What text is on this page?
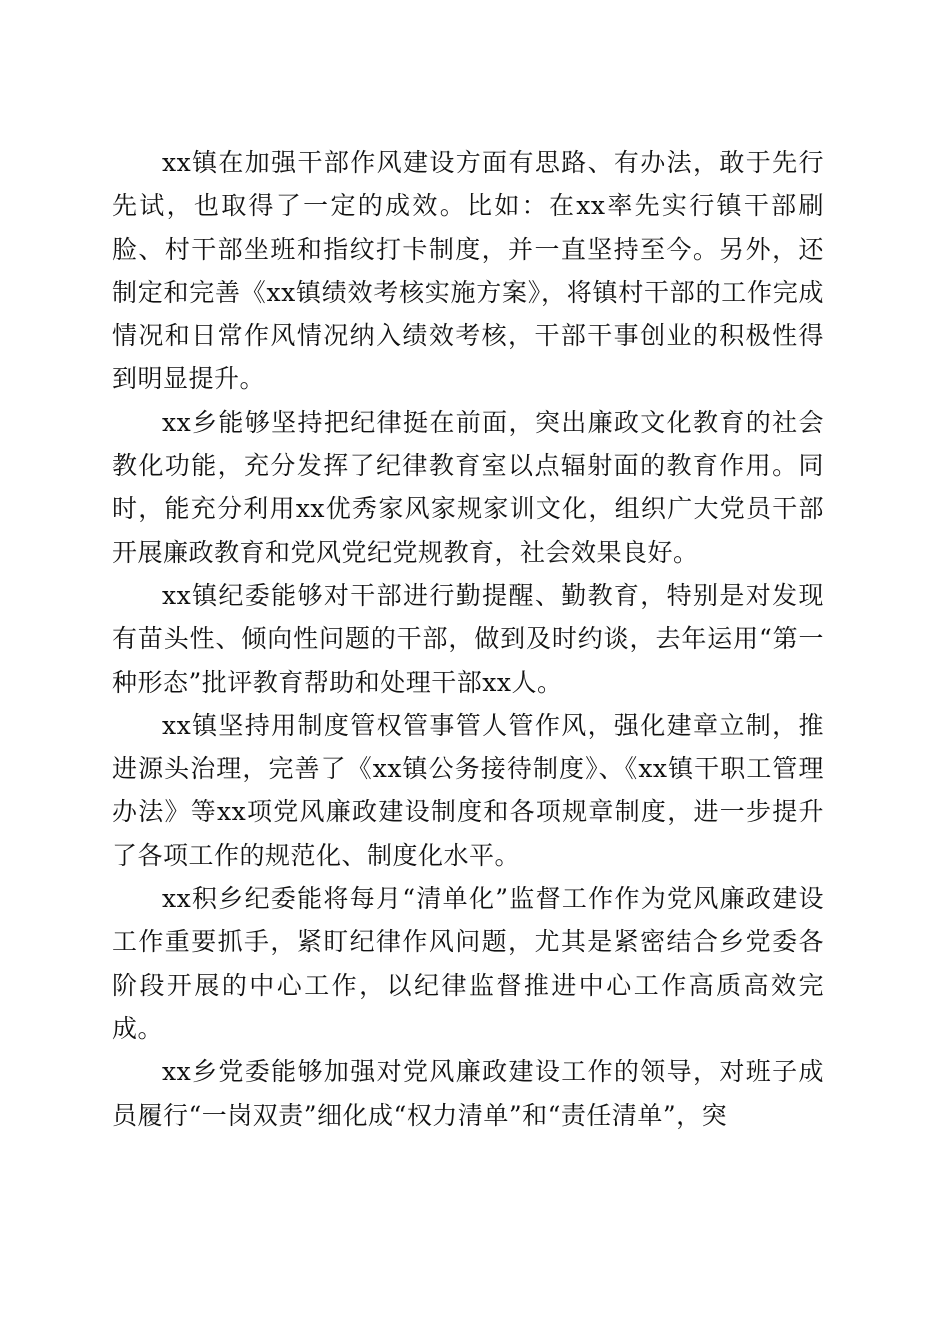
xx镇在加强干部作风建设方面有思路、有办法，敢于先行先试，也取得了一定的成效。比如：在xx率先实行镇干部刷脸、村干部坐班和指纹打卡制度，并一直坚持至今。另外，还制定和完善《xx镇绩效考核实施方案》，将镇村干部的工作完成情况和日常作风情况纳入绩效考核，干部干事创业的积极性得到明显提升。

xx乡能够坚持把纪律挺在前面，突出廉政文化教育的社会教化功能，充分发挥了纪律教育室以点辐射面的教育作用。同时，能充分利用xx优秀家风家规家训文化，组织广大党员干部开展廉政教育和党风党纪党规教育，社会效果良好。

xx镇纪委能够对干部进行勤提醒、勤教育，特别是对发现有苗头性、倾向性问题的干部，做到及时约谈，去年运用“第一种形态”批评教育帮助和处理干部xx人。

xx镇坚持用制度管权管事管人管作风，强化建章立制，推进源头治理，完善了《xx镇公务接待制度》、《xx镇干职工管理办法》等xx项党风廉政建设制度和各项规章制度，进一步提升了各项工作的规范化、制度化水平。

xx积乡纪委能将每月“清单化”监督工作作为党风廉政建设工作重要抓手，紧盯纪律作风问题，尤其是紧密结合乡党委各阶段开展的中心工作，以纪律监督推进中心工作高质高效完成。

xx乡党委能够加强对党风廉政建设工作的领导，对班子成员履行“一岗双责”细化成“权力清单”和“责任清单”，突
